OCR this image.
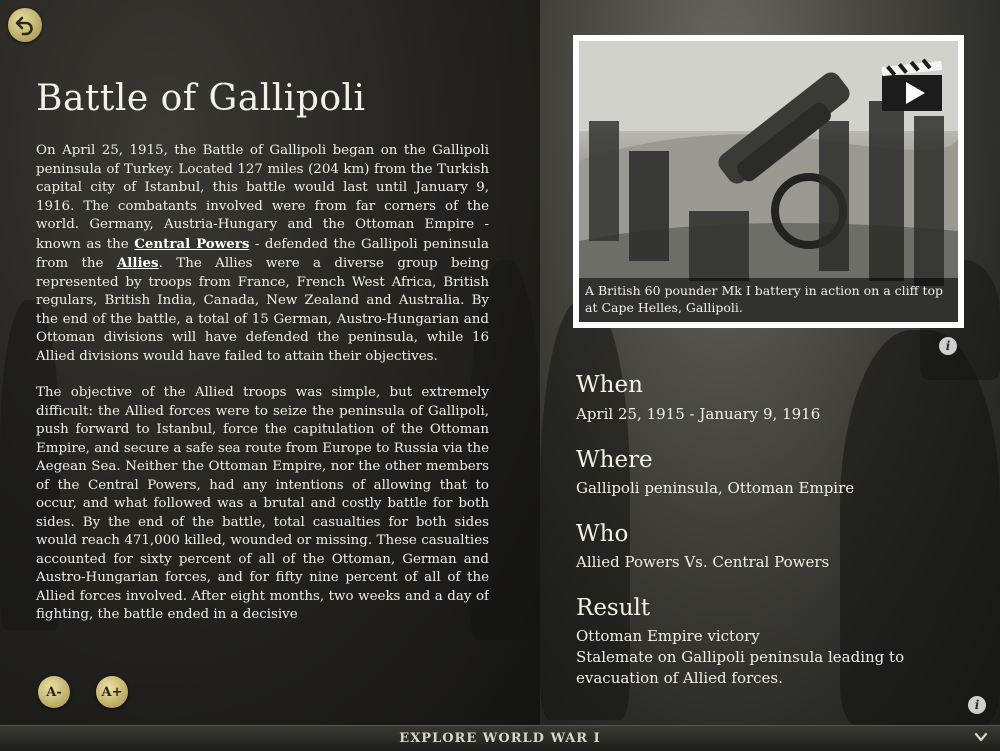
Battle of Gallipoli

On April 25, 1915, the Battle of Gallipoli began on the Gallipoli peninsula of Turkey. Located 127 miles (204 km) from the Turkish capital city of Istanbul, this battle would last until January 9, 1916. The combatants involved were from far corners of the world. Germany, Austria-Hungary and the Ottoman Empire - known as the Central Powers - defended the Gallipoli peninsula from the Allies. The Allies were a diverse group being represented by troops from France, French West Africa, British regulars, British India, Canada, New Zealand and Australia. By the end of the battle, a total of 15 German, Austro-Hungarian and Ottoman divisions will have defended the peninsula, while 16 Allied divisions would have failed to attain their objectives.

The objective of the Allied troops was simple, but extremely difficult: the Allied forces were to seize the peninsula of Gallipoli, push forward to Istanbul, force the capitulation of the Ottoman Empire, and secure a safe sea route from Europe to Russia via the Aegean Sea. Neither the Ottoman Empire, nor the other members of the Central Powers, had any intentions of allowing that to occur, and what followed was a brutal and costly battle for both sides. By the end of the battle, total casualties for both sides would reach 471,000 killed, wounded or missing. These casualties accounted for sixty percent of all of the Ottoman, German and Austro-Hungarian forces, and for fifty nine percent of all of the Allied forces involved. After eight months, two weeks and a day of fighting, the battle ended in a decisive

A-	A+
A British 60 pounder Mk I battery in action on a cliff top at Cape Helles, Gallipoli.
i
When
April 25, 1915 - January 9, 1916
Where
Gallipoli peninsula, Ottoman Empire
Who
Allied Powers Vs. Central Powers
Result
Ottoman Empire victory
Stalemate on Gallipoli peninsula leading to evacuation of Allied forces.
i
EXPLORE WORLD WAR I
